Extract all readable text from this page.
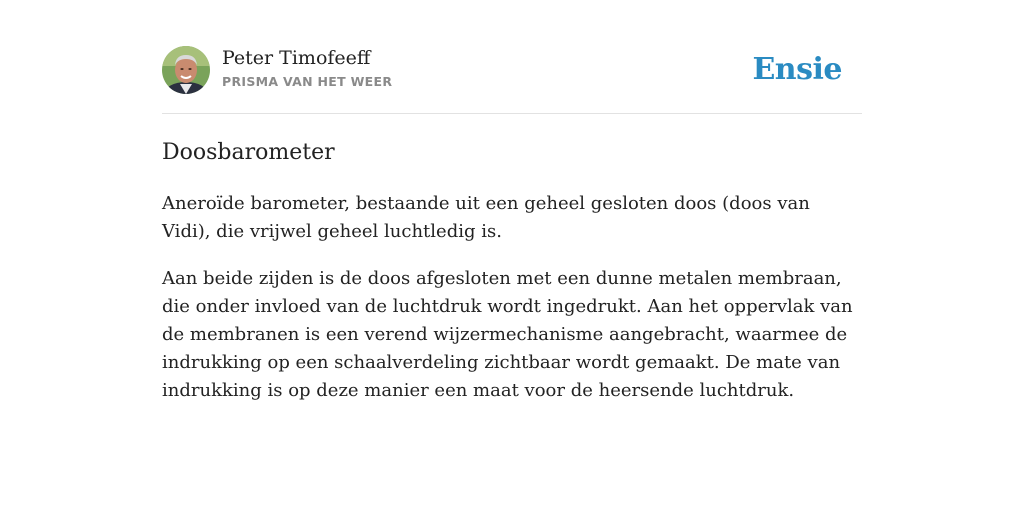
Peter Timofeeff
PRISMA VAN HET WEER	Ensie
Doosbarometer

Aneroïde barometer, bestaande uit een geheel gesloten doos (doos van Vidi), die vrijwel geheel luchtledig is.

Aan beide zijden is de doos afgesloten met een dunne metalen membraan, die onder invloed van de luchtdruk wordt ingedrukt. Aan het oppervlak van de membranen is een verend wijzermechanisme aangebracht, waarmee de indrukking op een schaalverdeling zichtbaar wordt gemaakt. De mate van indrukking is op deze manier een maat voor de heersende luchtdruk.
